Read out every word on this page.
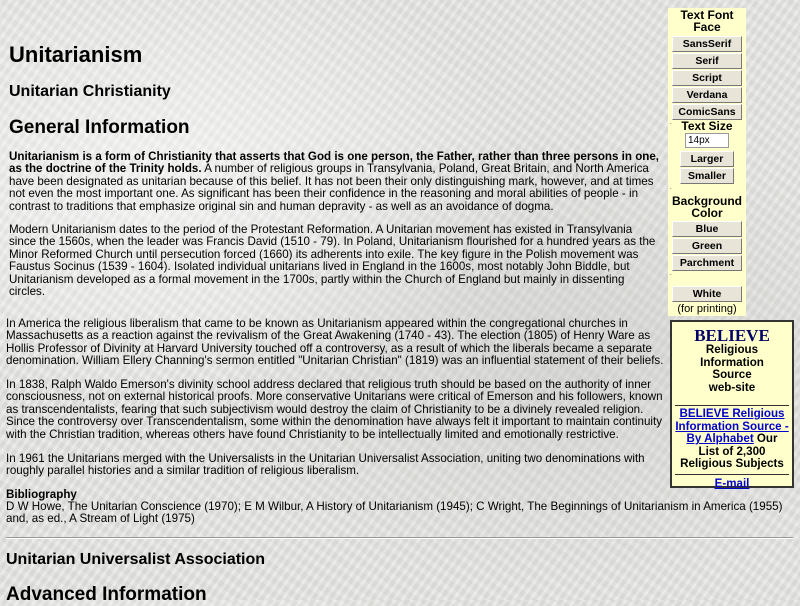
Unitarianism
Unitarian Christianity
General Information

Unitarianism is a form of Christianity that asserts that God is one person, the Father, rather than three persons in one, as the doctrine of the Trinity holds. A number of religious groups in Transylvania, Poland, Great Britain, and North America have been designated as unitarian because of this belief. It has not been their only distinguishing mark, however, and at times not even the most important one. As significant has been their confidence in the reasoning and moral abilities of people - in contrast to traditions that emphasize original sin and human depravity - as well as an avoidance of dogma.

Modern Unitarianism dates to the period of the Protestant Reformation. A Unitarian movement has existed in Transylvania since the 1560s, when the leader was Francis David (1510 - 79). In Poland, Unitarianism flourished for a hundred years as the Minor Reformed Church until persecution forced (1660) its adherents into exile. The key figure in the Polish movement was Faustus Socinus (1539 - 1604). Isolated individual unitarians lived in England in the 1600s, most notably John Biddle, but Unitarianism developed as a formal movement in the 1700s, partly within the Church of England but mainly in dissenting circles.

In America the religious liberalism that came to be known as Unitarianism appeared within the congregational churches in Massachusetts as a reaction against the revivalism of the Great Awakening (1740 - 43). The election (1805) of Henry Ware as Hollis Professor of Divinity at Harvard University touched off a controversy, as a result of which the liberals became a separate denomination. William Ellery Channing's sermon entitled "Unitarian Christian" (1819) was an influential statement of their beliefs.

In 1838, Ralph Waldo Emerson's divinity school address declared that religious truth should be based on the authority of inner consciousness, not on external historical proofs. More conservative Unitarians were critical of Emerson and his followers, known as transcendentalists, fearing that such subjectivism would destroy the claim of Christianity to be a divinely revealed religion. Since the controversy over Transcendentalism, some within the denomination have always felt it important to maintain continuity with the Christian tradition, whereas others have found Christianity to be intellectually limited and emotionally restrictive.

In 1961 the Unitarians merged with the Universalists in the Unitarian Universalist Association, uniting two denominations with roughly parallel histories and a similar tradition of religious liberalism.

Bibliography
D W Howe, The Unitarian Conscience (1970); E M Wilbur, A History of Unitarianism (1945); C Wright, The Beginnings of Unitarianism in America (1955) and, as ed., A Stream of Light (1975)
Unitarian Universalist Association
Advanced Information
Text Font Face
SansSerif
Serif
Script
Verdana
ComicSans
. Text Size
14px
Larger
Smaller
.
Background Color
Blue
Green
Parchment
.
White
(for printing)
BELIEVE
Religious
Information
Source
web-site
BELIEVE Religious Information Source - By Alphabet Our List of 2,300 Religious Subjects
E-mail
